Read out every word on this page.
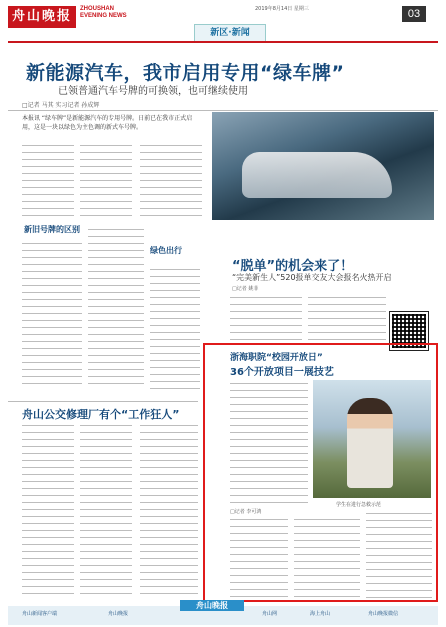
舟山晚报	ZHOUSHAN
EVENING NEWS
2019年8月14日 星期三	03
新区·新闻
新能源汽车，我市启用专用“绿车牌”
已领普通汽车号牌的可换领，也可继续使用
□记者 马其 实习记者 孙成辉
本报讯 “绿车牌”是新能源汽车的专用号牌。日前已在我市正式启用，这是一块以绿色为主色调的新式车号牌。
新旧号牌的区别
绿色出行
“脱单”的机会来了！
“完美新生人”520报单交友大会报名火热开启
□记者 姚菲
舟山公交修理厂有个“工作狂人”
浙海职院“校园开放日”
36个开放项目一展技艺
学生在进行急救示范
□记者 李可鸿
舟山晚报
舟山新闻客户端	舟山晚报	舟山网	海上舟山	舟山晚报微信
